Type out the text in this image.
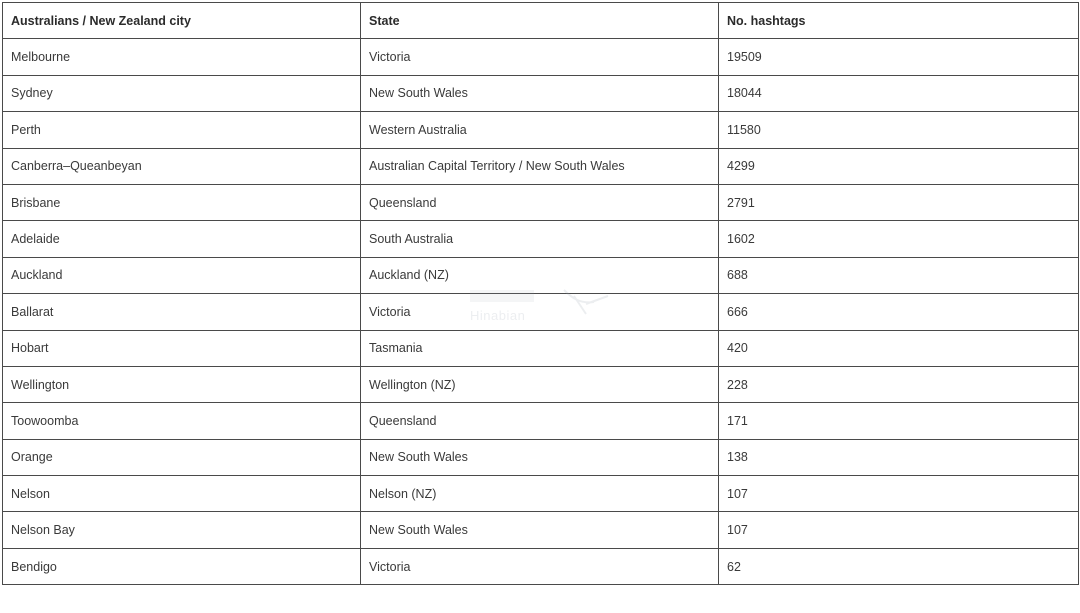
Australians / New Zealand city	State	No. hashtags
Melbourne	Victoria	19509
Sydney	New South Wales	18044
Perth	Western Australia	11580
Canberra–Queanbeyan	Australian Capital Territory / New South Wales	4299
Brisbane	Queensland	2791
Adelaide	South Australia	1602
Auckland	Auckland (NZ)	688
Ballarat	Victoria	666
Hobart	Tasmania	420
Wellington	Wellington (NZ)	228
Toowoomba	Queensland	171
Orange	New South Wales	138
Nelson	Nelson (NZ)	107
Nelson Bay	New South Wales	107
Bendigo	Victoria	62
Hinabian
